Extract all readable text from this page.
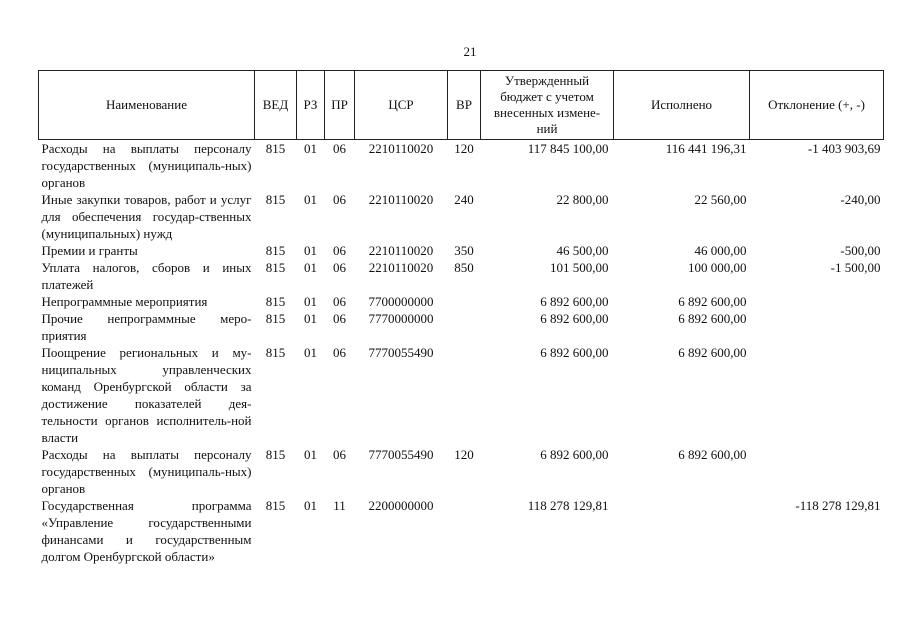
21
Наименование	ВЕД	РЗ	ПР	ЦСР	ВР	Утвержденный бюджет с учетом внесенных измене-ний	Исполнено	Отклонение (+, -)
Расходы на выплаты персоналу государственных (муниципаль-ных) органов	815	01	06	2210110020	120	117 845 100,00	116 441 196,31	-1 403 903,69
Иные закупки товаров, работ и услуг для обеспечения государ-ственных (муниципальных) нужд	815	01	06	2210110020	240	22 800,00	22 560,00	-240,00
Премии и гранты	815	01	06	2210110020	350	46 500,00	46 000,00	-500,00
Уплата налогов, сборов и иных платежей	815	01	06	2210110020	850	101 500,00	100 000,00	-1 500,00
Непрограммные мероприятия	815	01	06	7700000000		6 892 600,00	6 892 600,00	
Прочие непрограммные меро-приятия	815	01	06	7770000000		6 892 600,00	6 892 600,00	
Поощрение региональных и му-ниципальных управленческих команд Оренбургской области за достижение показателей дея-тельности органов исполнитель-ной власти	815	01	06	7770055490		6 892 600,00	6 892 600,00	
Расходы на выплаты персоналу государственных (муниципаль-ных) органов	815	01	06	7770055490	120	6 892 600,00	6 892 600,00	
Государственная программа «Управление государственными финансами и государственным долгом Оренбургской области»	815	01	11	2200000000		118 278 129,81		-118 278 129,81
